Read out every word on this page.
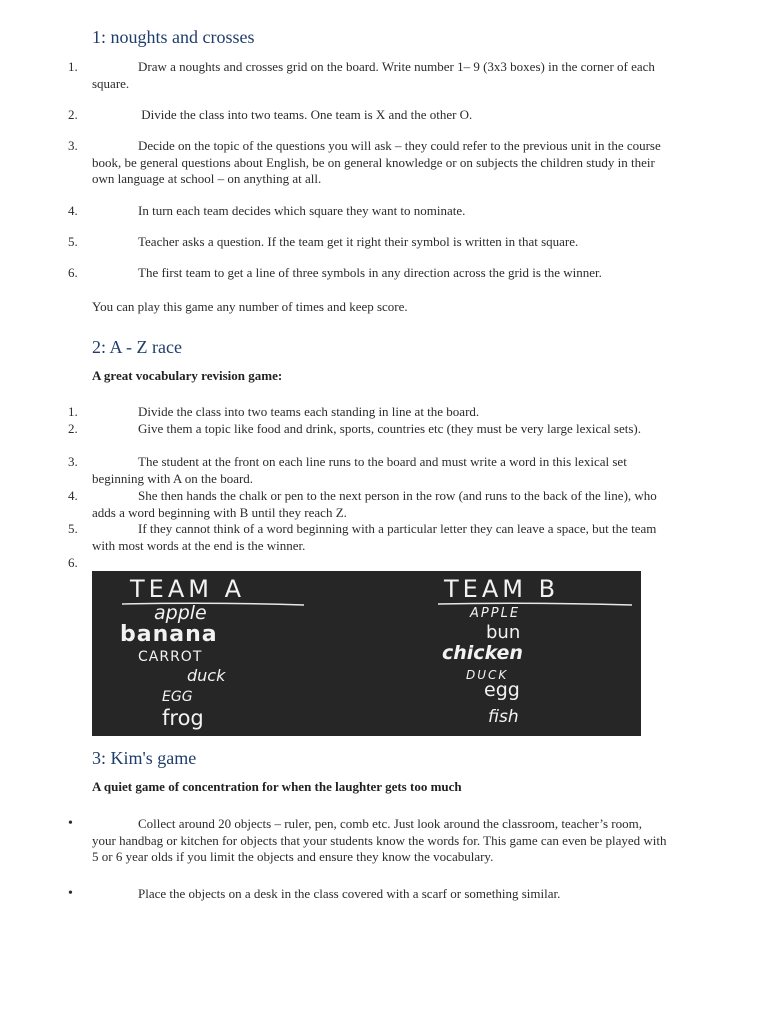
1: noughts and crosses
1.	Draw a noughts and crosses grid on the board. Write number 1– 9 (3x3 boxes) in the corner of each square.
2.	Divide the class into two teams. One team is X and the other O.
3.	Decide on the topic of the questions you will ask – they could refer to the previous unit in the course book, be general questions about English, be on general knowledge or on subjects the children study in their own language at school – on anything at all.
4.	In turn each team decides which square they want to nominate.
5.	Teacher asks a question. If the team get it right their symbol is written in that square.
6.	The first team to get a line of three symbols in any direction across the grid is the winner.
You can play this game any number of times and keep score.
2: A - Z race
A great vocabulary revision game:
1.	Divide the class into two teams each standing in line at the board.
2.	Give them a topic like food and drink, sports, countries etc (they must be very large lexical sets).
3.	The student at the front on each line runs to the board and must write a word in this lexical set beginning with A on the board.
4.	She then hands the chalk or pen to the next person in the row (and runs to the back of the line), who adds a word beginning with B until they reach Z.
5.	If they cannot think of a word beginning with a particular letter they can leave a space, but the team with most words at the end is the winner.
6.
TEAM A
apple
banana
CARROT
duck
EGG
frog
TEAM B
APPLE
bun
chicken
DUCK
egg
fish
3: Kim's game
A quiet game of concentration for when the laughter gets too much
•	Collect around 20 objects – ruler, pen, comb etc. Just look around the classroom, teacher’s room, your handbag or kitchen for objects that your students know the words for. This game can even be played with 5 or 6 year olds if you limit the objects and ensure they know the vocabulary.
•	Place the objects on a desk in the class covered with a scarf or something similar.
